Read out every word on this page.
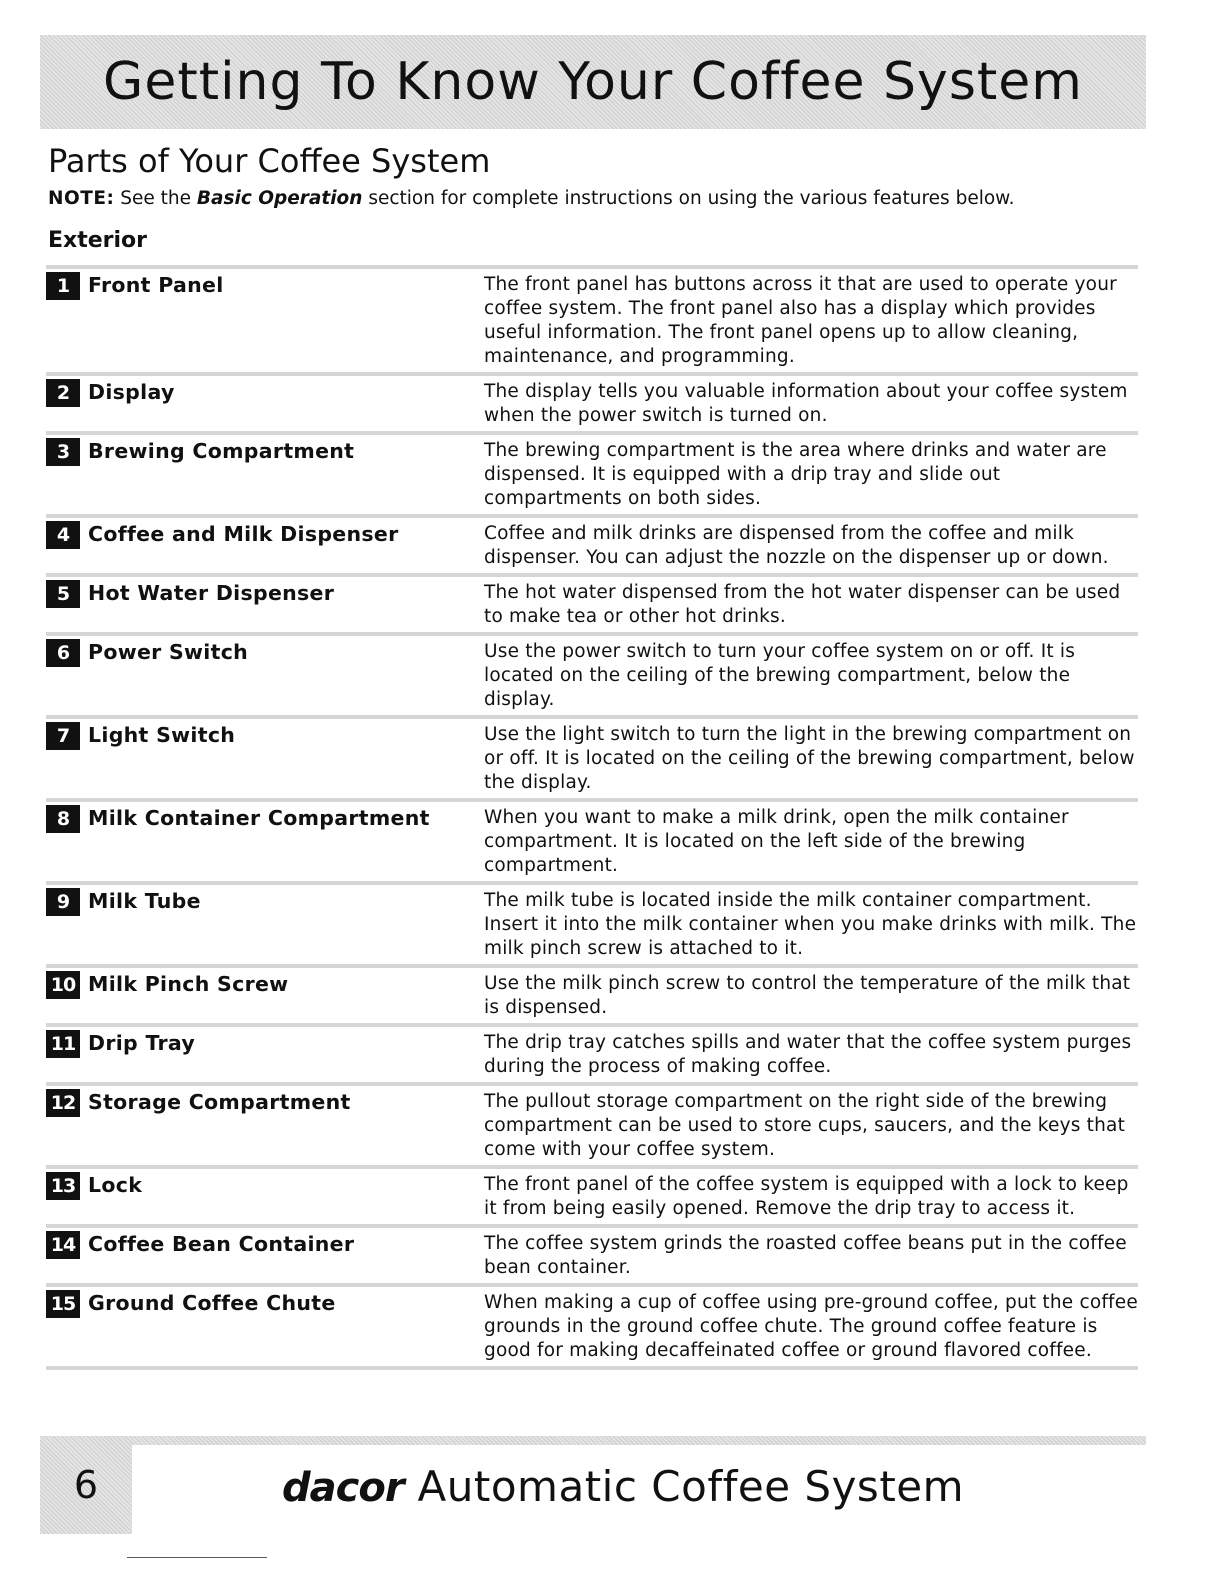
Getting To Know Your Coffee System
Parts of Your Coffee System
NOTE: See the Basic Operation section for complete instructions on using the various features below.
Exterior
1 Front Panel	The front panel has buttons across it that are used to operate your coffee system. The front panel also has a display which provides useful information. The front panel opens up to allow cleaning, maintenance, and programming.
2 Display	The display tells you valuable information about your coffee system when the power switch is turned on.
3 Brewing Compartment	The brewing compartment is the area where drinks and water are dispensed. It is equipped with a drip tray and slide out compartments on both sides.
4 Coffee and Milk Dispenser	Coffee and milk drinks are dispensed from the coffee and milk dispenser. You can adjust the nozzle on the dispenser up or down.
5 Hot Water Dispenser	The hot water dispensed from the hot water dispenser can be used to make tea or other hot drinks.
6 Power Switch	Use the power switch to turn your coffee system on or off. It is located on the ceiling of the brewing compartment, below the display.
7 Light Switch	Use the light switch to turn the light in the brewing compartment on or off. It is located on the ceiling of the brewing compartment, below the display.
8 Milk Container Compartment	When you want to make a milk drink, open the milk container compartment. It is located on the left side of the brewing compartment.
9 Milk Tube	The milk tube is located inside the milk container compartment. Insert it into the milk container when you make drinks with milk. The milk pinch screw is attached to it.
10 Milk Pinch Screw	Use the milk pinch screw to control the temperature of the milk that is dispensed.
11 Drip Tray	The drip tray catches spills and water that the coffee system purges during the process of making coffee.
12 Storage Compartment	The pullout storage compartment on the right side of the brewing compartment can be used to store cups, saucers, and the keys that come with your coffee system.
13 Lock	The front panel of the coffee system is equipped with a lock to keep it from being easily opened. Remove the drip tray to access it.
14 Coffee Bean Container	The coffee system grinds the roasted coffee beans put in the coffee bean container.
15 Ground Coffee Chute	When making a cup of coffee using pre-ground coffee, put the coffee grounds in the ground coffee chute. The ground coffee feature is good for making decaffeinated coffee or ground flavored coffee.
6	dacor Automatic Coffee System
